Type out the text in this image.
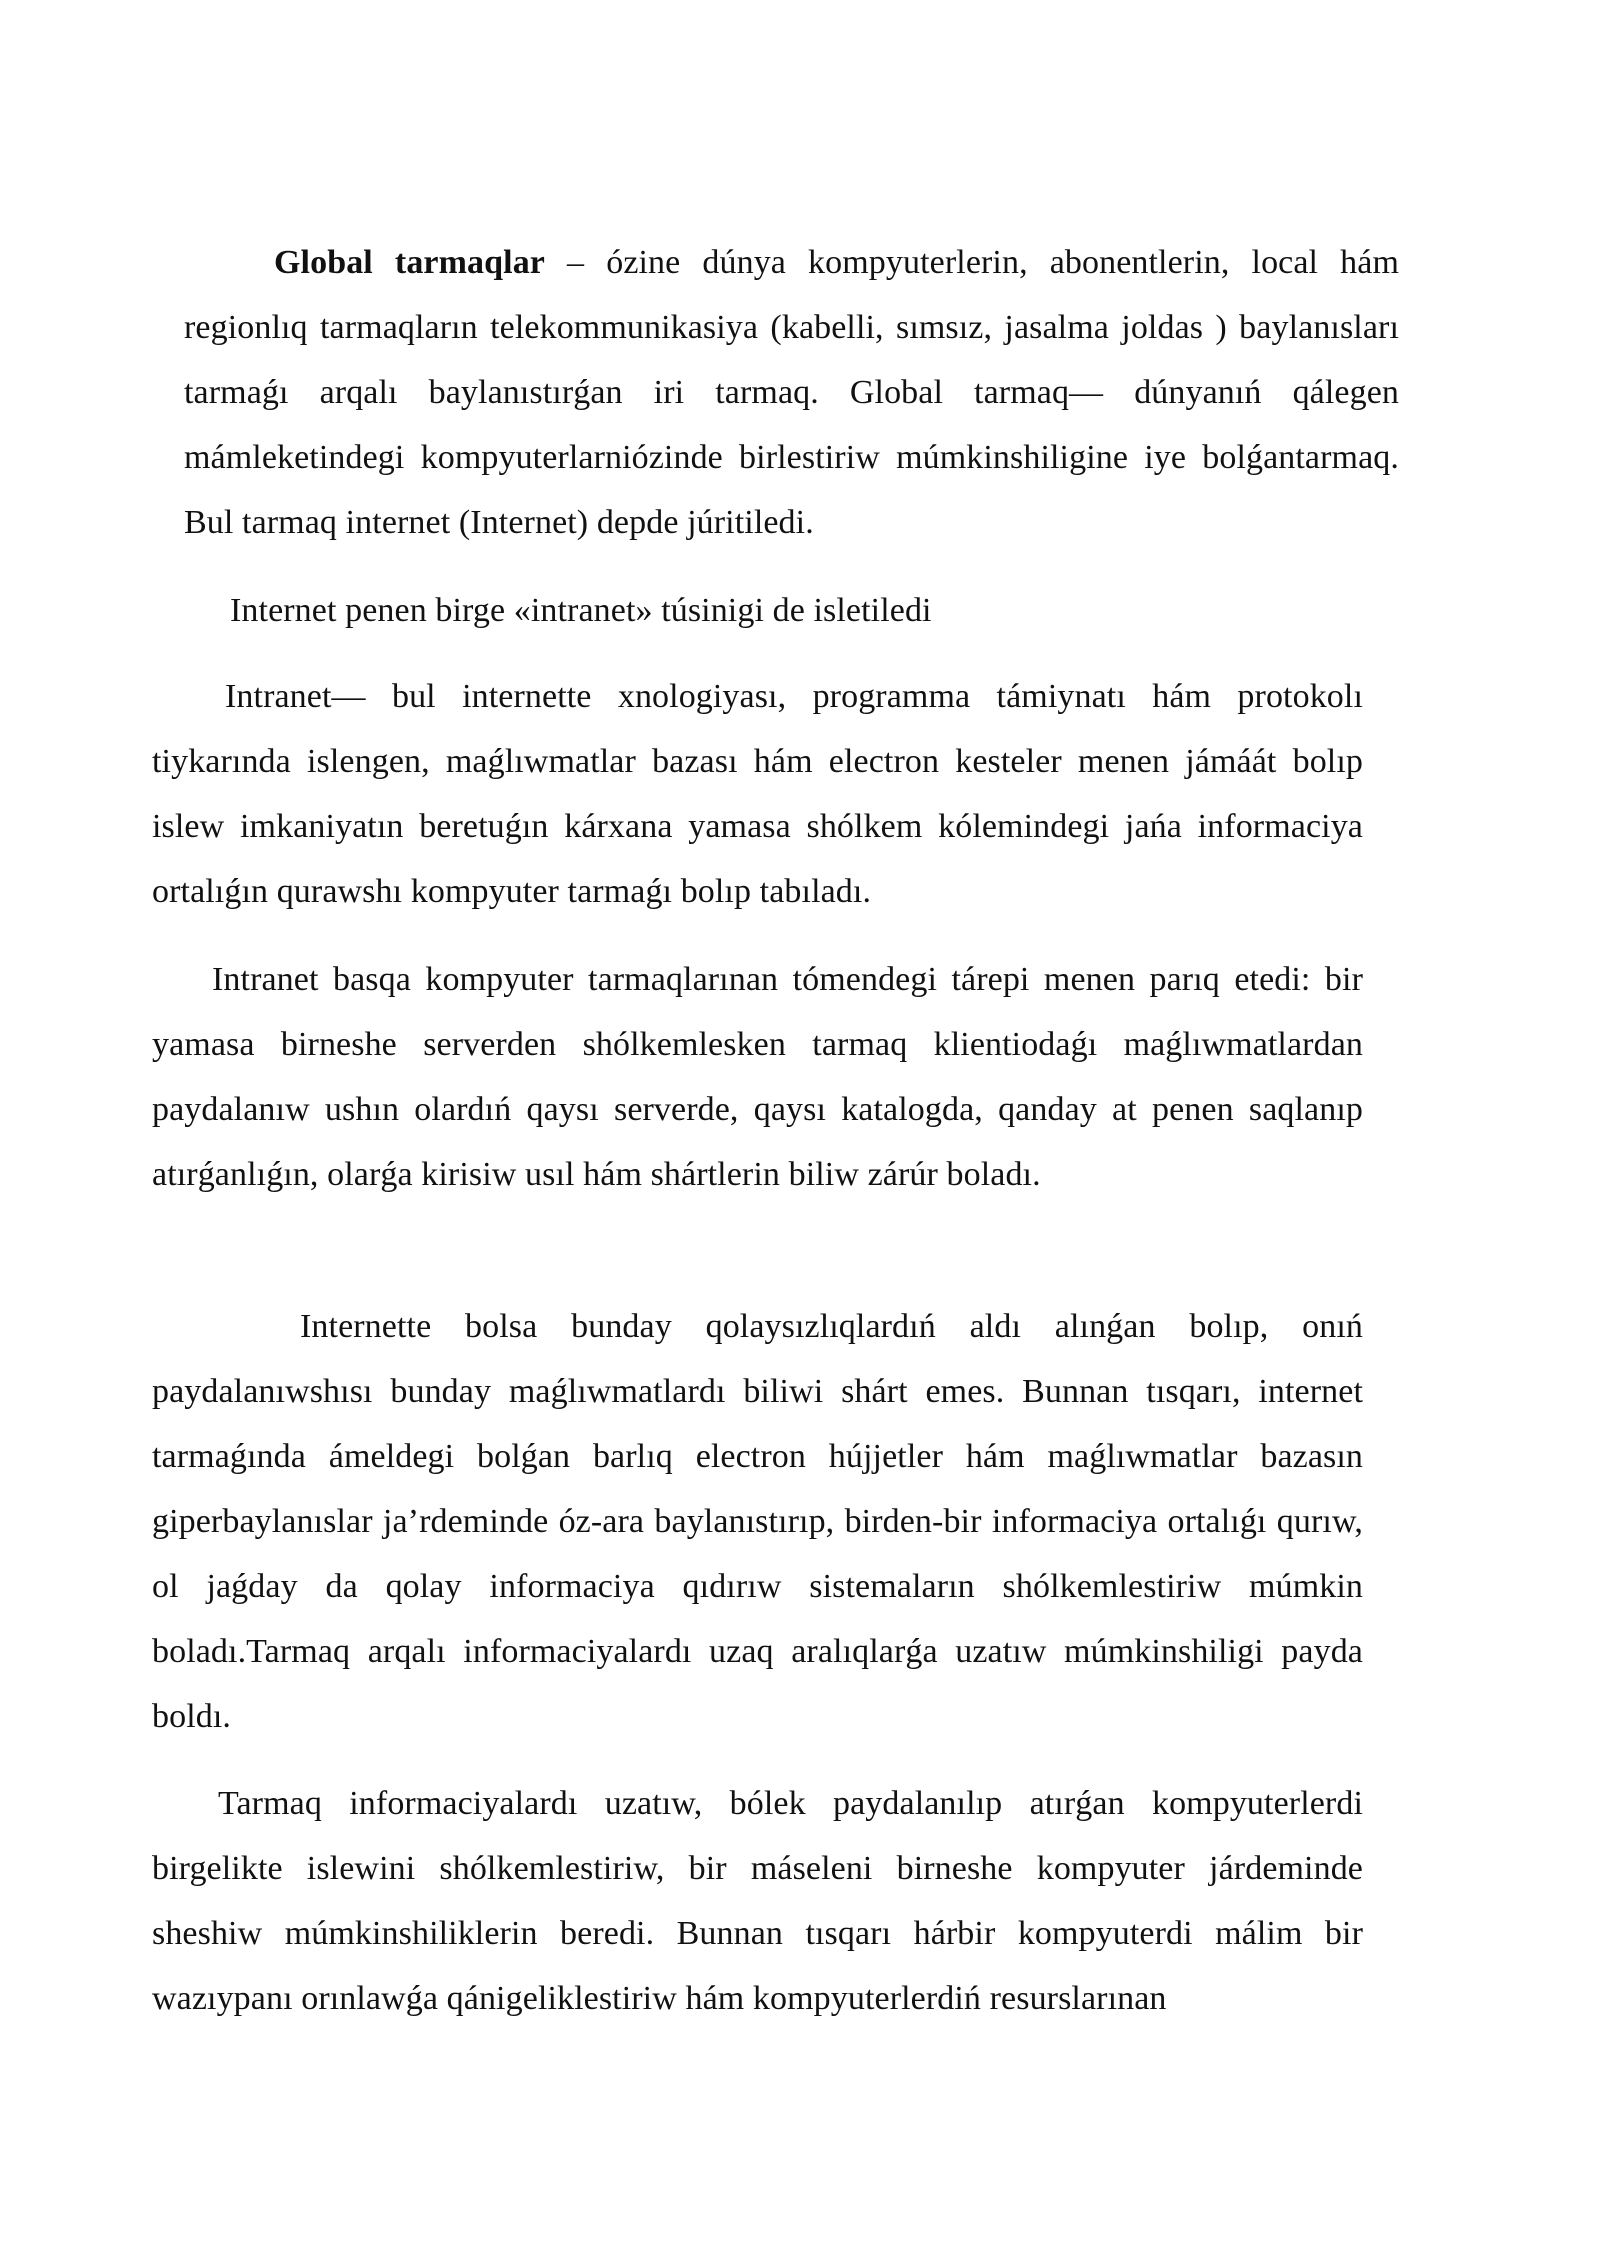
Global tarmaqlar – ózine dúnya kompyuterlerin, abonentlerin, local hám regionlıq tarmaqların telekommunikasiya (kabelli, sımsız, jasalma joldas ) baylanısları tarmaǵı arqalı baylanıstırǵan iri tarmaq. Global tarmaq— dúnyanıń qálegen mámleketindegi kompyuterlarniózinde birlestiriw múmkinshiligine iye bolǵantarmaq. Bul tarmaq internet (Internet) depde júritiledi.

Internet penen birge «intranet» túsinigi de isletiledi

Intranet— bul internette xnologiyası, programma támiynatı hám protokolı tiykarında islengen, maǵlıwmatlar bazası hám electron kesteler menen jámáát bolıp islew imkaniyatın beretuǵın kárxana yamasa shólkem kólemindegi jańa informaciya ortalıǵın qurawshı kompyuter tarmaǵı bolıp tabıladı.

Intranet basqa kompyuter tarmaqlarınan tómendegi tárepi menen parıq etedi: bir yamasa birneshe serverden shólkemlesken tarmaq klientiodaǵı maǵlıwmatlardan paydalanıw ushın olardıń qaysı serverde, qaysı katalogda, qanday at penen saqlanıp atırǵanlıǵın, olarǵa kirisiw usıl hám shártlerin biliw zárúr boladı.

Internette bolsa bunday qolaysızlıqlardıń aldı alınǵan bolıp, onıń paydalanıwshısı bunday maǵlıwmatlardı biliwi shárt emes. Bunnan tısqarı, internet tarmaǵında ámeldegi bolǵan barlıq electron hújjetler hám maǵlıwmatlar bazasın giperbaylanıslar ja’rdeminde óz-ara baylanıstırıp, birden-bir informaciya ortalıǵı qurıw, ol jaǵday da qolay informaciya qıdırıw sistemaların shólkemlestiriw múmkin boladı.Tarmaq arqalı informaciyalardı uzaq aralıqlarǵa uzatıw múmkinshiligi payda boldı.

Tarmaq informaciyalardı uzatıw, bólek paydalanılıp atırǵan kompyuterlerdi birgelikte islewini shólkemlestiriw, bir máseleni birneshe kompyuter járdeminde sheshiw múmkinshiliklerin beredi. Bunnan tısqarı hárbir kompyuterdi málim bir wazıypanı orınlawǵa qánigeliklestiriw hám kompyuterlerdiń resurslarınan
